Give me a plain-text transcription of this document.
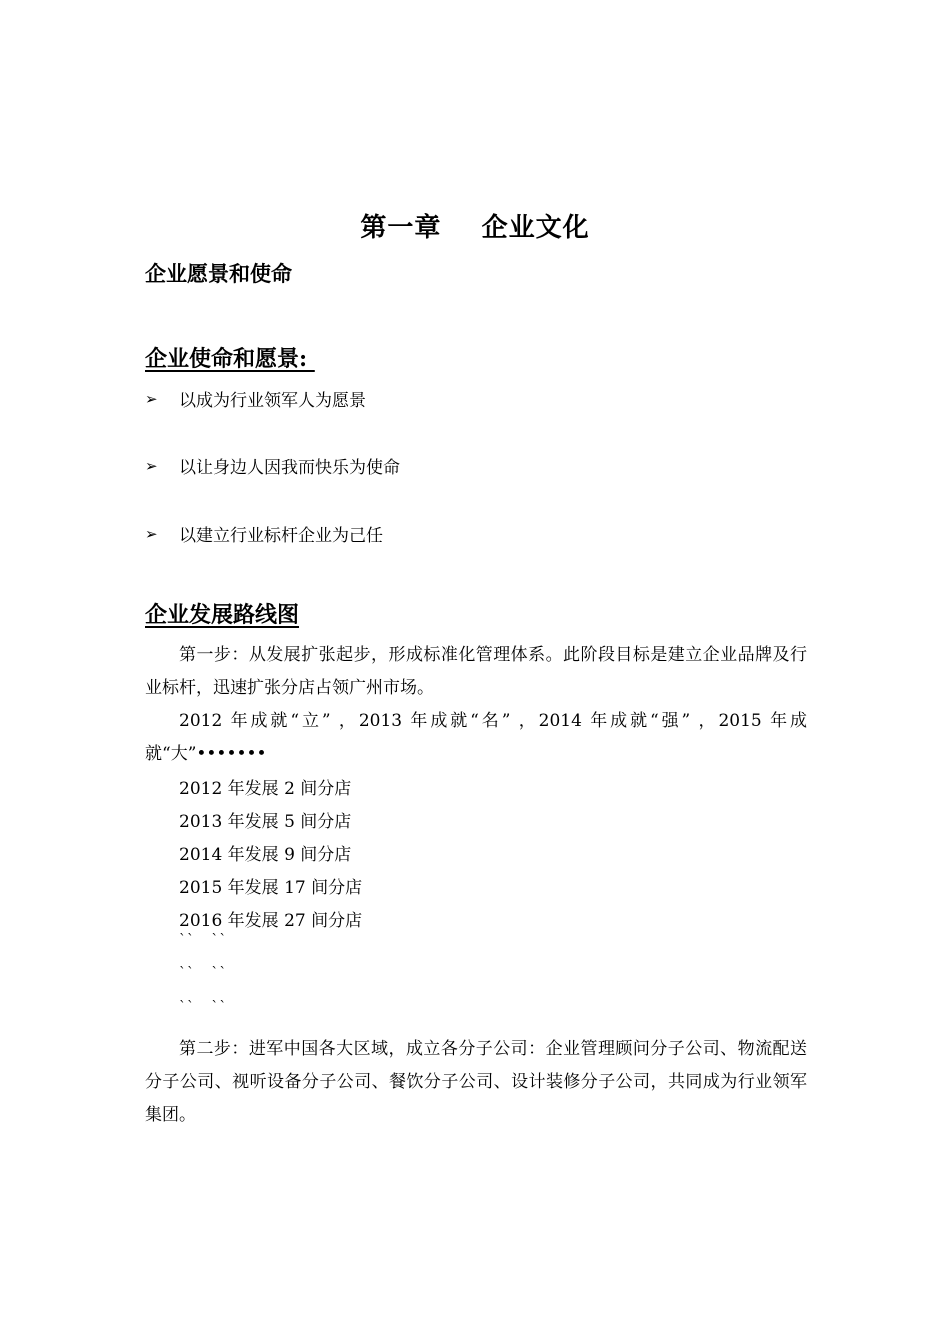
第一章    企业文化
企业愿景和使命
企业使命和愿景:
➢	以成为行业领军人为愿景
➢	以让身边人因我而快乐为使命
➢	以建立行业标杆企业为己任
企业发展路线图
第一步：从发展扩张起步，形成标准化管理体系。此阶段目标是建立企业品牌及行业标杆，迅速扩张分店占领广州市场。
2012 年成就“立” ，2013 年成就“名” ，2014 年成就“强” ，2015 年成就“大”•••••••
2012 年发展 2 间分店
2013 年发展 5 间分店
2014 年发展 9 间分店
2015 年发展 17 间分店
2016 年发展 27 间分店
``   ``
``   ``
``   ``
第二步：进军中国各大区域，成立各分子公司：企业管理顾问分子公司、物流配送分子公司、视听设备分子公司、餐饮分子公司、设计装修分子公司，共同成为行业领军集团。
